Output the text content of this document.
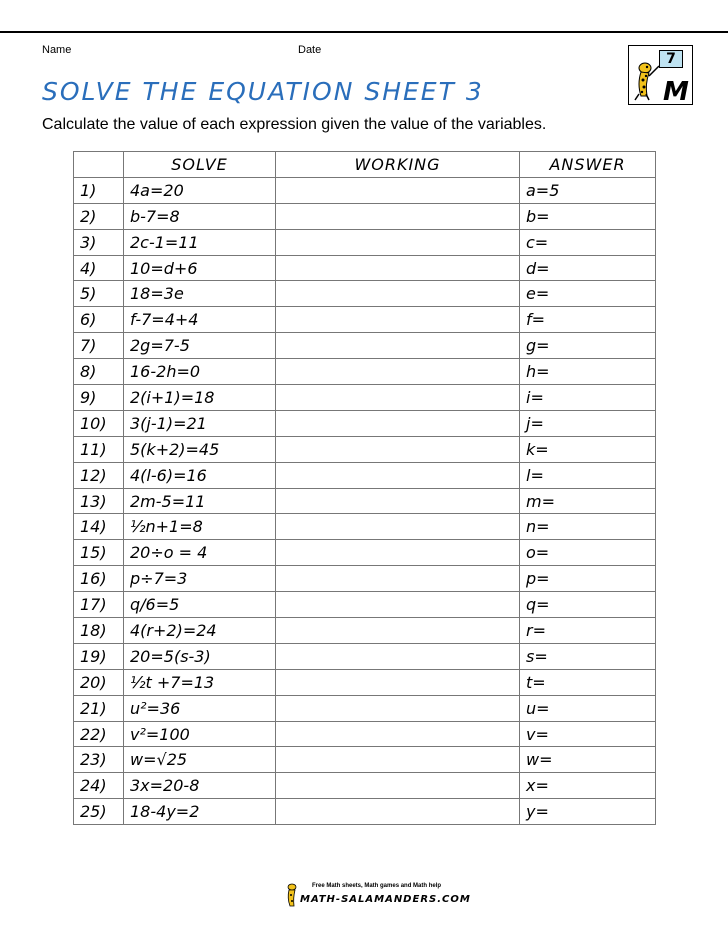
Name	Date
M
7
SOLVE THE EQUATION SHEET 3
Calculate the value of each expression given the value of the variables.
	SOLVE	WORKING	ANSWER
1)	4a=20		a=5
2)	b-7=8		b=
3)	2c-1=11		c=
4)	10=d+6		d=
5)	18=3e		e=
6)	f-7=4+4		f=
7)	2g=7-5		g=
8)	16-2h=0		h=
9)	2(i+1)=18		i=
10)	3(j-1)=21		j=
11)	5(k+2)=45		k=
12)	4(l-6)=16		l=
13)	2m-5=11		m=
14)	½n+1=8		n=
15)	20÷o = 4		o=
16)	p÷7=3		p=
17)	q/6=5		q=
18)	4(r+2)=24		r=
19)	20=5(s-3)		s=
20)	½t +7=13		t=
21)	u²=36		u=
22)	v²=100		v=
23)	w=√25		w=
24)	3x=20-8		x=
25)	18-4y=2		y=
Free Math sheets, Math games and Math help
MATH-SALAMANDERS.COM
